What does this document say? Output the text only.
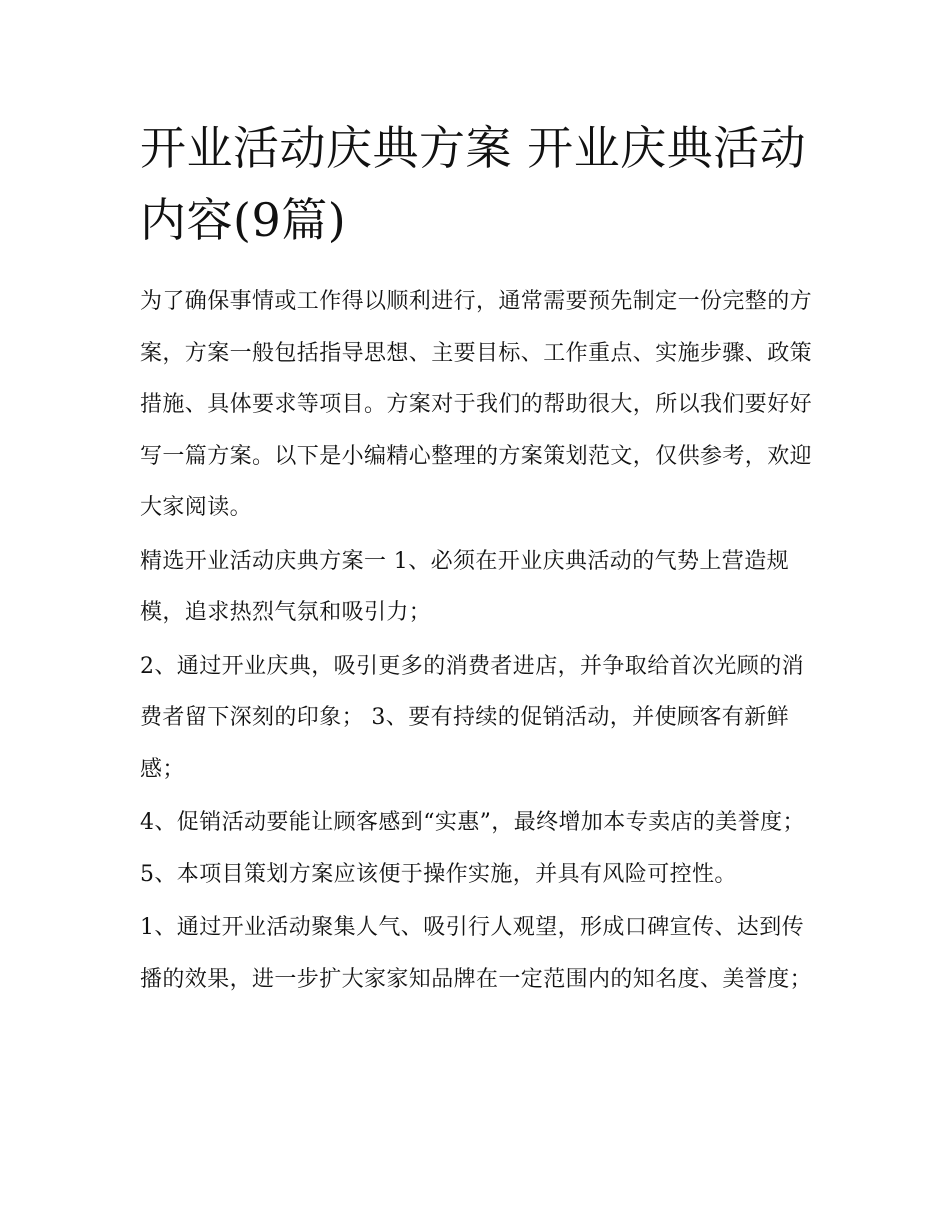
开业活动庆典方案 开业庆典活动内容(9篇)

为了确保事情或工作得以顺利进行，通常需要预先制定一份完整的方案，方案一般包括指导思想、主要目标、工作重点、实施步骤、政策措施、具体要求等项目。方案对于我们的帮助很大，所以我们要好好写一篇方案。以下是小编精心整理的方案策划范文，仅供参考，欢迎大家阅读。

精选开业活动庆典方案一 1、必须在开业庆典活动的气势上营造规模，追求热烈气氛和吸引力；

2、通过开业庆典，吸引更多的消费者进店，并争取给首次光顾的消费者留下深刻的印象； 3、要有持续的促销活动，并使顾客有新鲜感；

4、促销活动要能让顾客感到“实惠”，最终增加本专卖店的美誉度； 5、本项目策划方案应该便于操作实施，并具有风险可控性。

1、通过开业活动聚集人气、吸引行人观望，形成口碑宣传、达到传播的效果，进一步扩大家家知品牌在一定范围内的知名度、美誉度；
